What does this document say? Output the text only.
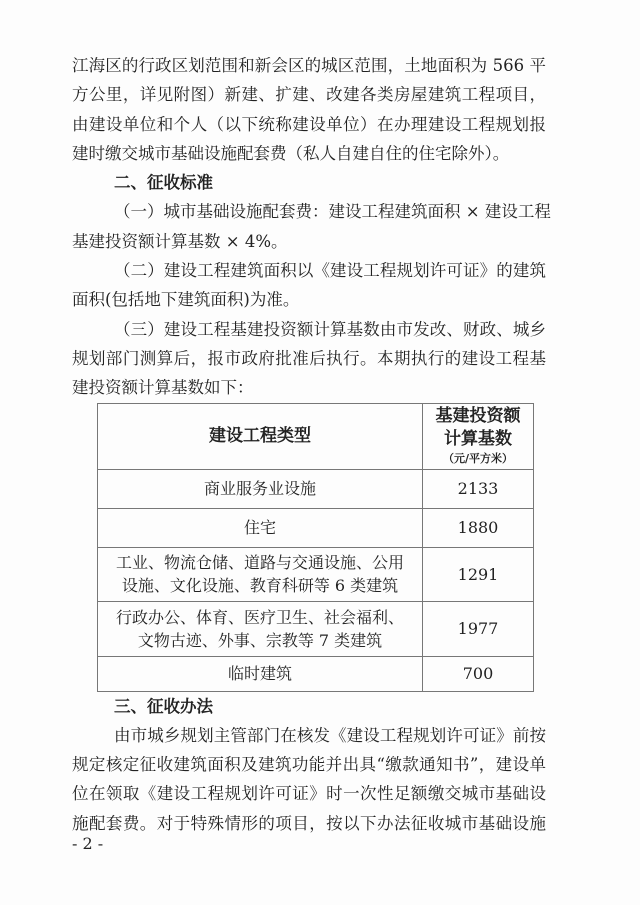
江海区的行政区划范围和新会区的城区范围，土地面积为 566 平
方公里，详见附图）新建、扩建、改建各类房屋建筑工程项目，
由建设单位和个人（以下统称建设单位）在办理建设工程规划报
建时缴交城市基础设施配套费（私人自建自住的住宅除外）。
二、征收标准
（一）城市基础设施配套费：建设工程建筑面积 × 建设工程
基建投资额计算基数 × 4%。
（二）建设工程建筑面积以《建设工程规划许可证》的建筑
面积(包括地下建筑面积)为准。
（三）建设工程基建投资额计算基数由市发改、财政、城乡
规划部门测算后，报市政府批准后执行。本期执行的建设工程基
建投资额计算基数如下：
建设工程类型	基建投资额
计算基数
（元/平方米）

商业服务业设施	2133
住宅	1880

工业、物流仓储、道路与交通设施、公用
设施、文化设施、教育科研等 6 类建筑	1291

行政办公、体育、医疗卫生、社会福利、
文物古迹、外事、宗教等 7 类建筑	1977
临时建筑	700
三、征收办法
由市城乡规划主管部门在核发《建设工程规划许可证》前按
规定核定征收建筑面积及建筑功能并出具“缴款通知书”，建设单
位在领取《建设工程规划许可证》时一次性足额缴交城市基础设
施配套费。对于特殊情形的项目，按以下办法征收城市基础设施
- 2 -
